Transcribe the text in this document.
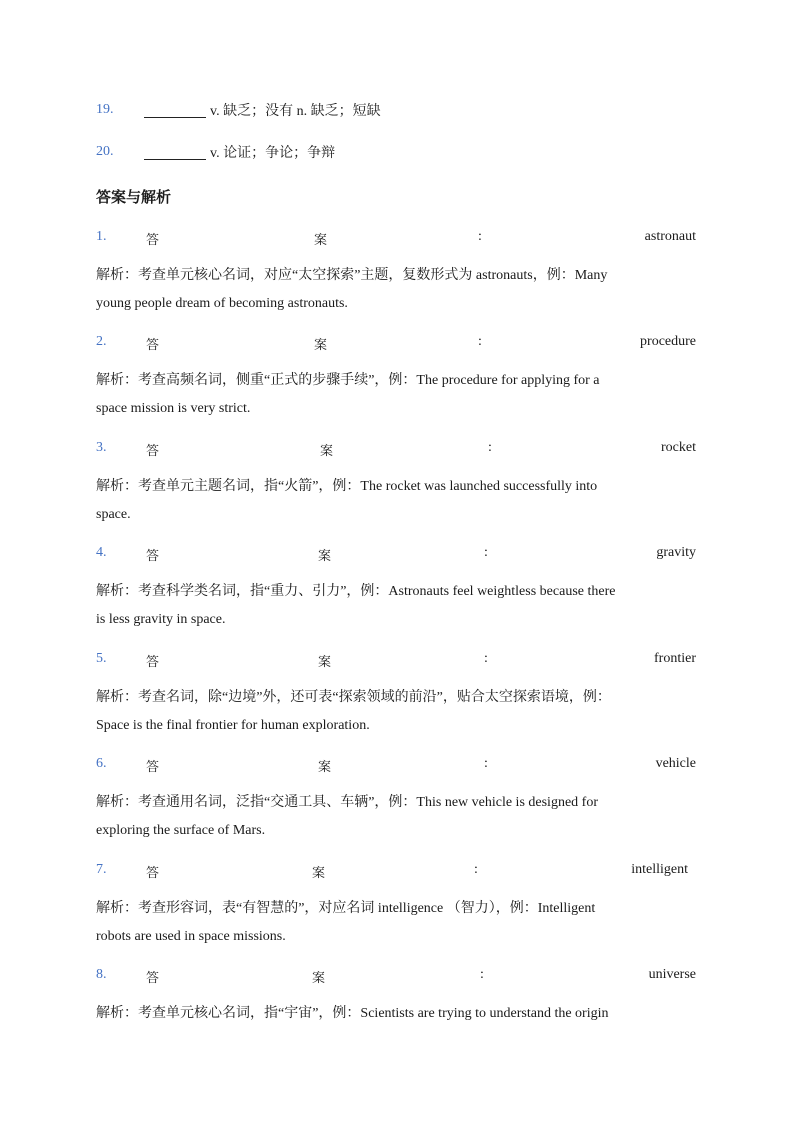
19.	v. 缺乏；没有 n. 缺乏；短缺
20.	v. 论证；争论；争辩
答案与解析
1.	答	案	:	astronaut
解析：考查单元核心名词，对应“太空探索”主题，复数形式为 astronauts，例：Many
young people dream of becoming astronauts.
2.	答	案	:	procedure
解析：考查高频名词，侧重“正式的步骤手续”，例：The procedure for applying for a
space mission is very strict.
3.	答	案	:	rocket
解析：考查单元主题名词，指“火箭”，例：The rocket was launched successfully into
space.
4.	答	案	:	gravity
解析：考查科学类名词，指“重力、引力”，例：Astronauts feel weightless because there
is less gravity in space.
5.	答	案	:	frontier
解析：考查名词，除“边境”外，还可表“探索领域的前沿”，贴合太空探索语境，例：
Space is the final frontier for human exploration.
6.	答	案	:	vehicle
解析：考查通用名词，泛指“交通工具、车辆”，例：This new vehicle is designed for
exploring the surface of Mars.
7.	答	案	:	intelligent
解析：考查形容词，表“有智慧的”，对应名词 intelligence （智力），例：Intelligent
robots are used in space missions.
8.	答	案	:	universe
解析：考查单元核心名词，指“宇宙”，例：Scientists are trying to understand the origin
